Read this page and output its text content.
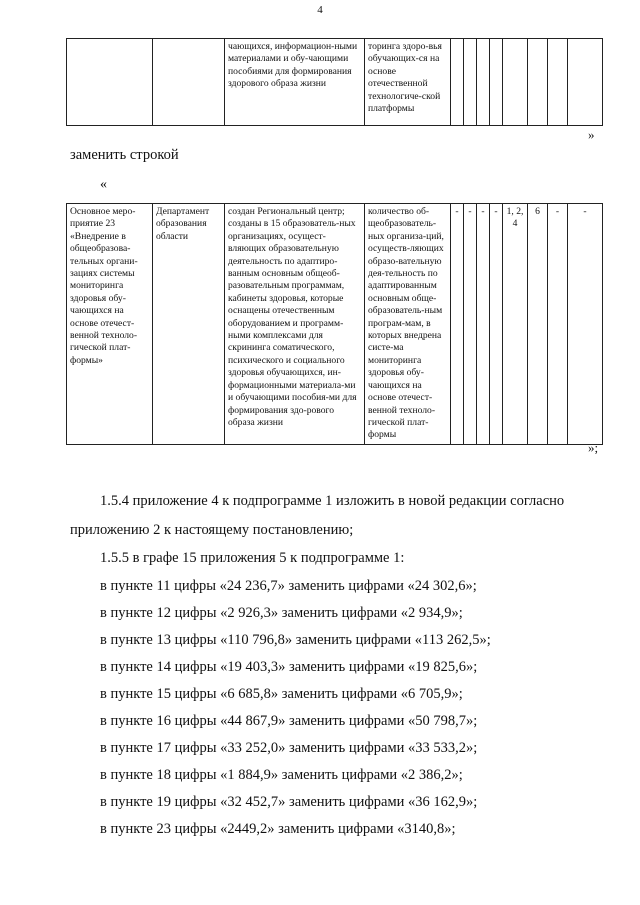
4
		чающихся, информацион-ными материалами и обу-чающими пособиями для формирования здорового образа жизни	торинга здоро-вья обучающих-ся на основе отечественной технологиче-ской платформы								
»
заменить строкой
«
Основное меро-приятие 23 «Внедрение в общеобразова-тельных органи-зациях системы мониторинга здоровья обу-чающихся на основе отечест-венной техноло-гической плат-формы»	Департамент образования области	создан Региональный центр; созданы в 15 образователь-ных организациях, осущест-вляющих образовательную деятельность по адаптиро-ванным основным общеоб-разовательным программам, кабинеты здоровья, которые оснащены отечественным оборудованием и программ-ными комплексами для скрининга соматического, психического и социального здоровья обучающихся, ин-формационными материала-ми и обучающими пособия-ми для формирования здо-рового образа жизни	количество об-щеобразователь-ных организа-ций, осуществ-ляющих образо-вательную дея-тельность по адаптированным основным обще-образователь-ным програм-мам, в которых внедрена систе-ма мониторинга здоровья обу-чающихся на основе отечест-венной техноло-гической плат-формы	-	-	-	-	1, 2, 4	6	-	-
»;
1.5.4 приложение 4 к подпрограмме 1 изложить в новой редакции согласно
приложению 2 к настоящему постановлению;
1.5.5 в графе 15 приложения 5 к подпрограмме 1:
в пункте 11 цифры «24 236,7» заменить цифрами «24 302,6»;
в пункте 12 цифры «2 926,3» заменить цифрами «2 934,9»;
в пункте 13 цифры «110 796,8» заменить цифрами «113 262,5»;
в пункте 14 цифры «19 403,3» заменить цифрами «19 825,6»;
в пункте 15 цифры «6 685,8» заменить цифрами «6 705,9»;
в пункте 16 цифры «44 867,9» заменить цифрами «50 798,7»;
в пункте 17 цифры «33 252,0» заменить цифрами «33 533,2»;
в пункте 18 цифры «1 884,9» заменить цифрами «2 386,2»;
в пункте 19 цифры «32 452,7» заменить цифрами «36 162,9»;
в пункте 23 цифры «2449,2» заменить цифрами «3140,8»;
